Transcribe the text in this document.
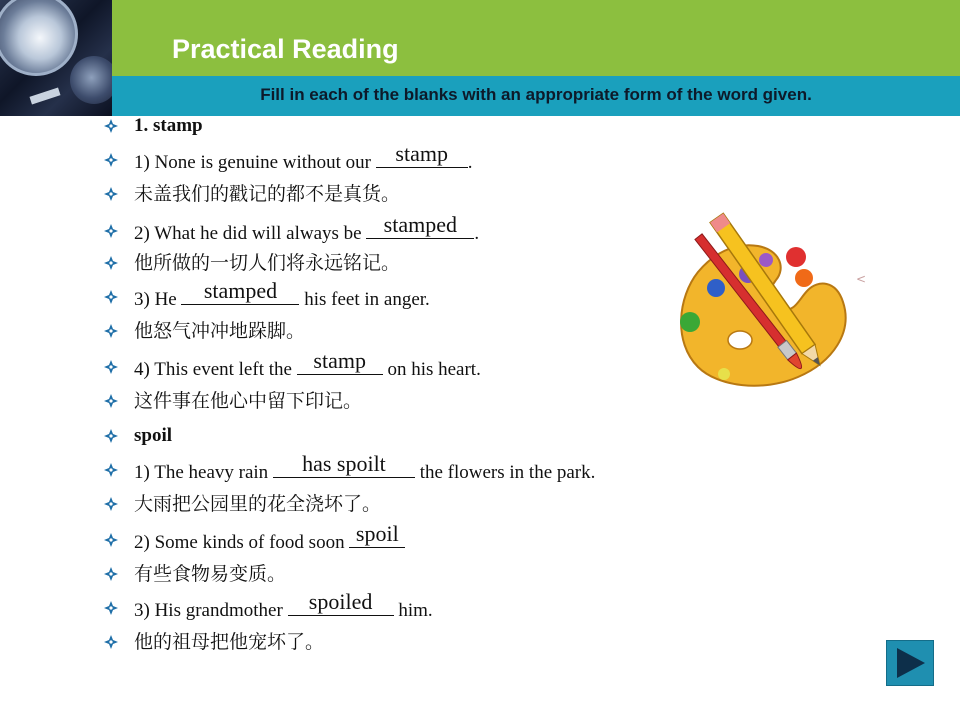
Practical Reading
Fill in each of the blanks with an appropriate form of the word given.
1. stamp
1) None is genuine without our stamp	.
未盖我们的戳记的都不是真货。
2) What he did will always be stamped .
他所做的一切人们将永远铭记。
3) He	stamped	his feet in anger.
他怒气冲冲地跺脚。
4) This event left the stamp on his heart.
这件事在他心中留下印记。
spoil
1) The heavy rain	has spoilt	the flowers in the park.
大雨把公园里的花全浇坏了。
2) Some kinds of food soon spoil
有些食物易变质。
3) His grandmother spoiled	him.
他的祖母把他宠坏了。
<
